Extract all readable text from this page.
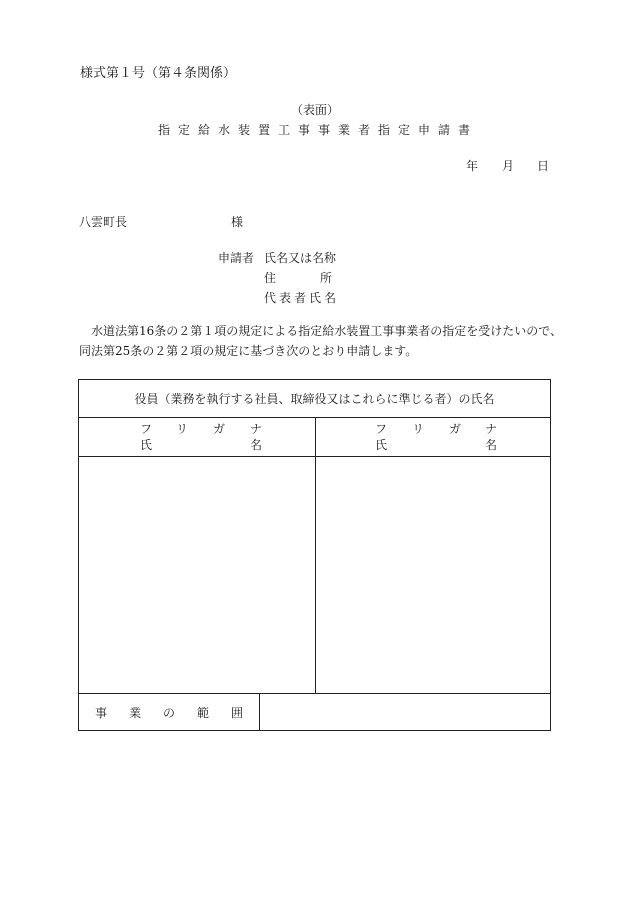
様式第１号（第４条関係）
（表面）
指定給水装置工事事業者指定申請書
年 月 日
八雲町長	様
申請者 氏名又は名称
住所
代表者氏名
水道法第16条の２第１項の規定による指定給水装置工事事業者の指定を受けたいので、
同法第25条の２第２項の規定に基づき次のとおり申請します。
役員（業務を執行する社員、取締役又はこれらに準じる者）の氏名
フ リ ガ ナ
氏	名
フ リ ガ ナ
氏	名
事業の範囲
